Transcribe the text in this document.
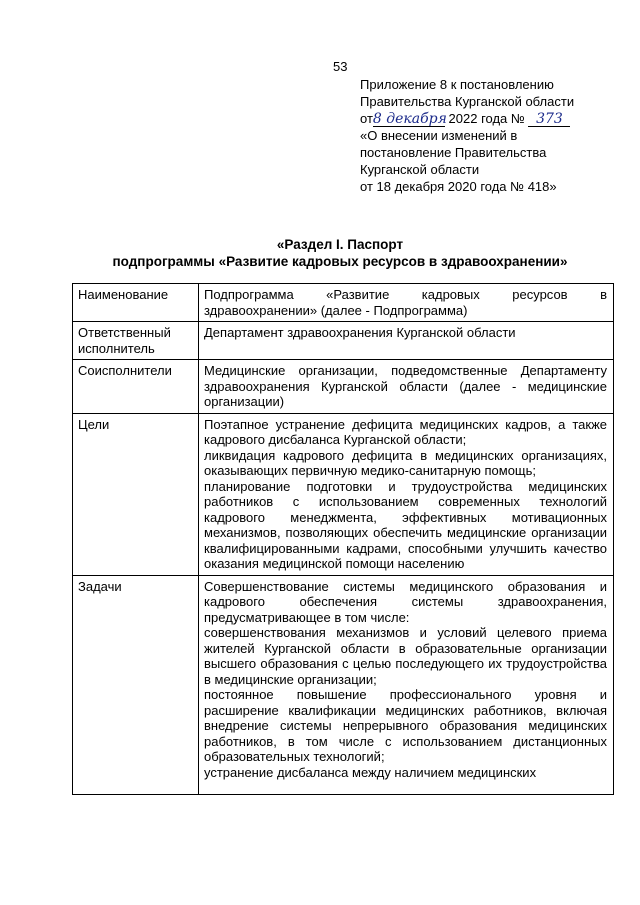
53
Приложение 8 к постановлению
Правительства Курганской области
от8 декабря 2022 года № 373
«О внесении изменений в
постановление Правительства
Курганской области
от 18 декабря 2020 года № 418»
«Раздел I. Паспорт
подпрограммы «Развитие кадровых ресурсов в здравоохранении»
Наименование	Подпрограмма «Развитие кадровых ресурсов в здравоохранении» (далее - Подпрограмма)

Ответственный исполнитель	Департамент здравоохранения Курганской области

Соисполнители	Медицинские организации, подведомственные Департаменту здравоохранения Курганской области (далее - медицинские организации)

Цели	Поэтапное устранение дефицита медицинских кадров, а также кадрового дисбаланса Курганской области;

ликвидация кадрового дефицита в медицинских организациях, оказывающих первичную медико-санитарную помощь;

планирование подготовки и трудоустройства медицинских работников с использованием современных технологий кадрового менеджмента, эффективных мотивационных механизмов, позволяющих обеспечить медицинские организации квалифицированными кадрами, способными улучшить качество оказания медицинской помощи населению

Задачи	Совершенствование системы медицинского образования и кадрового обеспечения системы здравоохранения, предусматривающее в том числе:

совершенствования механизмов и условий целевого приема жителей Курганской области в образовательные организации высшего образования с целью последующего их трудоустройства в медицинские организации;

постоянное повышение профессионального уровня и расширение квалификации медицинских работников, включая внедрение системы непрерывного образования медицинских работников, в том числе с использованием дистанционных образовательных технологий;

устранение дисбаланса между наличием медицинских
